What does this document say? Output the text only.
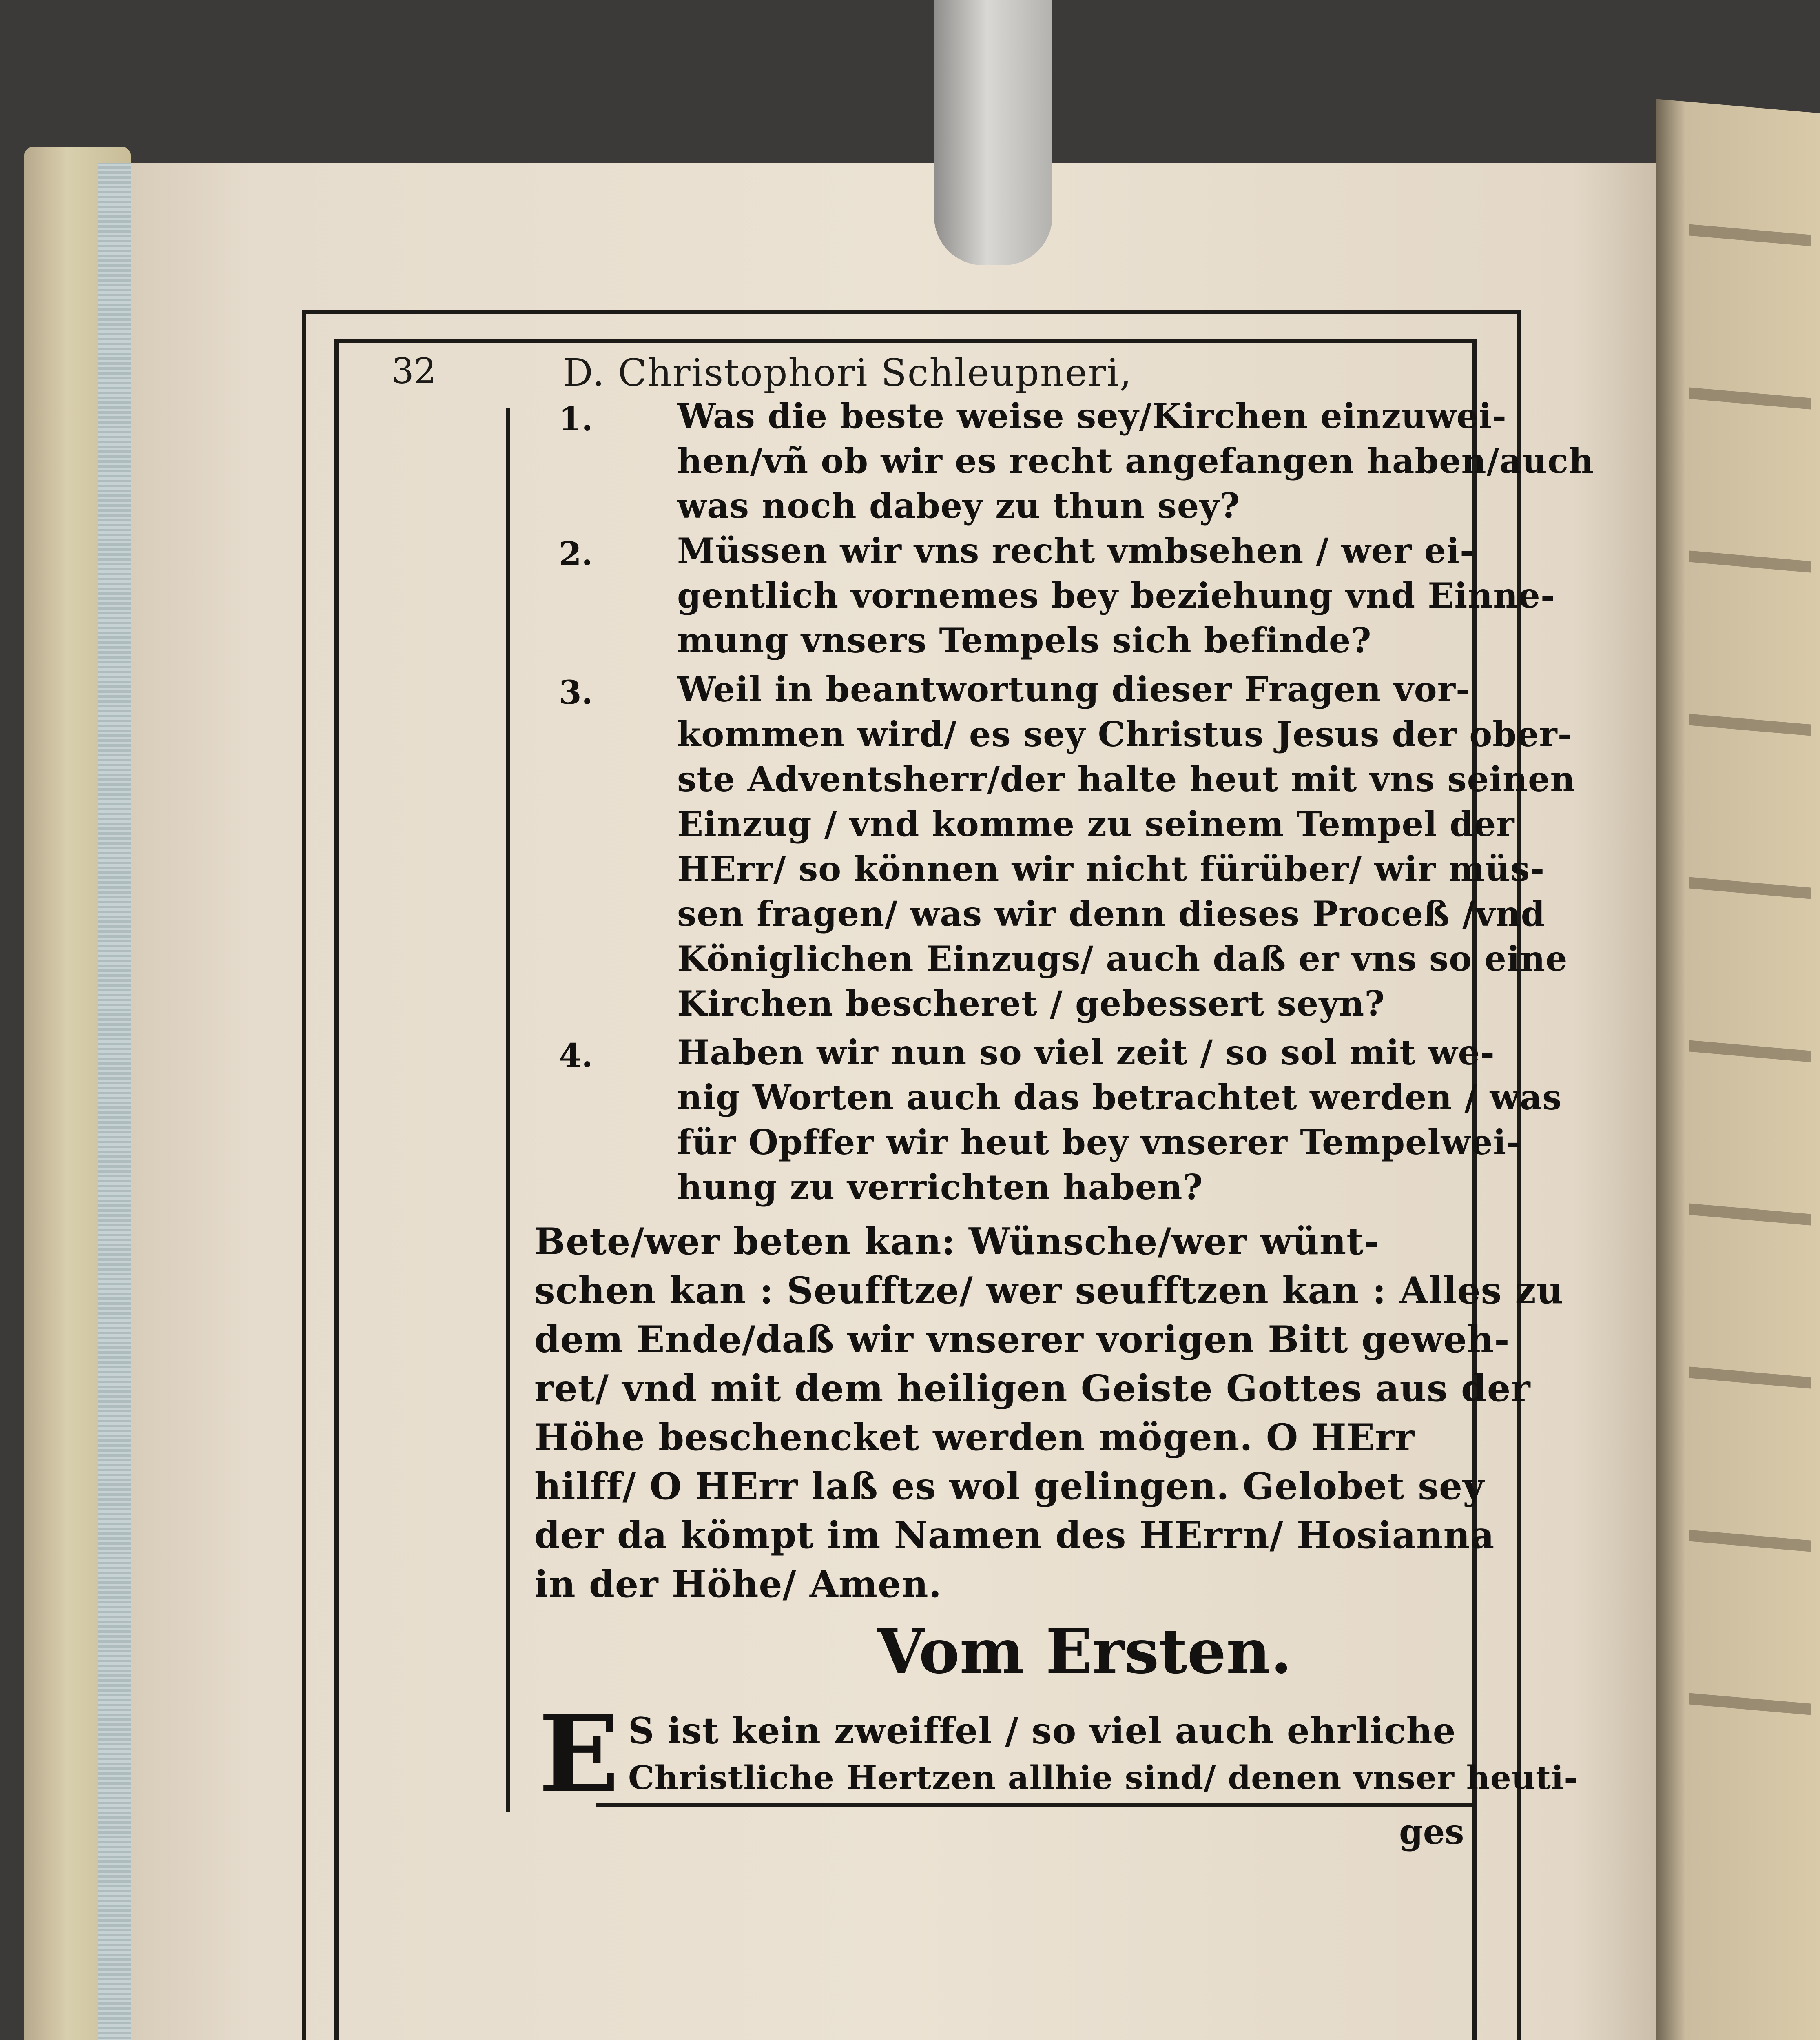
32	D. Christophori Schleupneri,
1. Was die beste weise sey/Kirchen einzuwei-
hen/vñ ob wir es recht angefangen haben/auch
was noch dabey zu thun sey?
2. Müssen wir vns recht vmbsehen / wer ei-
gentlich vornemes bey beziehung vnd Einne-
mung vnsers Tempels sich befinde?
3. Weil in beantwortung dieser Fragen vor-
kommen wird/ es sey Christus Jesus der ober-
ste Adventsherr/der halte heut mit vns seinen
Einzug / vnd komme zu seinem Tempel der
HErr/ so können wir nicht fürüber/ wir müs-
sen fragen/ was wir denn dieses Proceß /vnd
Königlichen Einzugs/ auch daß er vns so eine
Kirchen bescheret / gebessert seyn?
4. Haben wir nun so viel zeit / so sol mit we-
nig Worten auch das betrachtet werden / was
für Opffer wir heut bey vnserer Tempelwei-
hung zu verrichten haben?
Bete/wer beten kan: Wünsche/wer wünt-
schen kan : Seufftze/ wer seufftzen kan : Alles zu
dem Ende/daß wir vnserer vorigen Bitt geweh-
ret/ vnd mit dem heiligen Geiste Gottes aus der
Höhe beschencket werden mögen. O HErr
hilff/ O HErr laß es wol gelingen. Gelobet sey
der da kömpt im Namen des HErrn/ Hosianna
in der Höhe/ Amen.
Vom Ersten.
E S ist kein zweiffel / so viel auch ehrliche
Christliche Hertzen allhie sind/ denen vnser heuti-
ges
